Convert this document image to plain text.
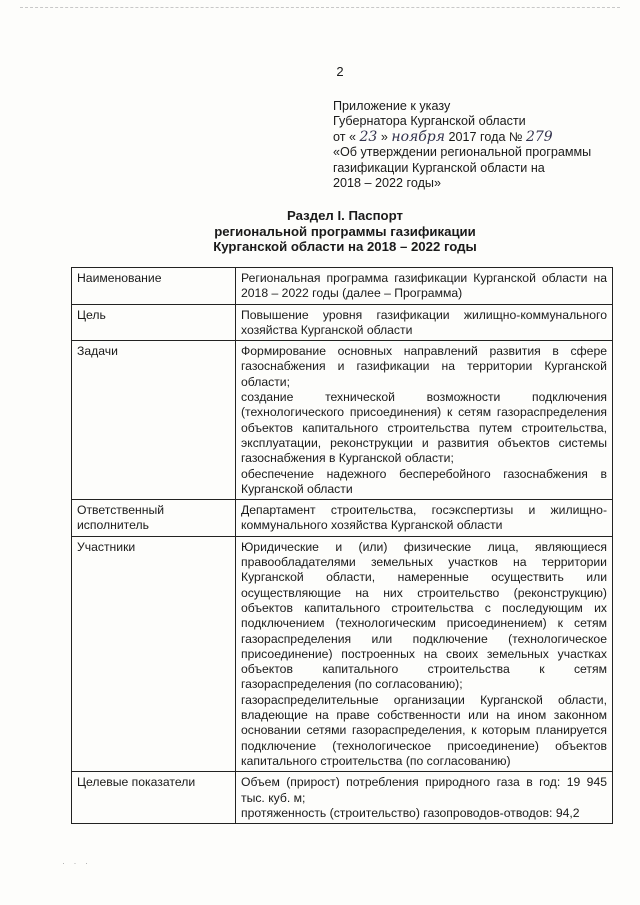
2
Приложение к указу
Губернатора Курганской области
от « 23 » ноября 2017 года № 279
«Об утверждении региональной программы
газификации Курганской области на
2018 – 2022 годы»
Раздел I. Паспорт
региональной программы газификации
Курганской области на 2018 – 2022 годы
Наименование	Региональная программа газификации Курганской области на 2018 – 2022 годы (далее – Программа)

Цель	Повышение уровня газификации жилищно-коммунального хозяйства Курганской области

Задачи	Формирование основных направлений развития в сфере газоснабжения и газификации на территории Курганской области;
создание технической возможности подключения (технологического присоединения) к сетям газораспределения объектов капитального строительства путем строительства, эксплуатации, реконструкции и развития объектов системы газоснабжения в Курганской области;
обеспечение надежного бесперебойного газоснабжения в Курганской области

Ответственный исполнитель	Департамент строительства, госэкспертизы и жилищно-коммунального хозяйства Курганской области

Участники	Юридические и (или) физические лица, являющиеся правообладателями земельных участков на территории Курганской области, намеренные осуществить или осуществляющие на них строительство (реконструкцию) объектов капитального строительства с последующим их подключением (технологическим присоединением) к сетям газораспределения или подключение (технологическое присоединение) построенных на своих земельных участках объектов капитального строительства к сетям газораспределения (по согласованию);
газораспределительные организации Курганской области, владеющие на праве собственности или на ином законном основании сетями газораспределения, к которым планируется подключение (технологическое присоединение) объектов капитального строительства (по согласованию)

Целевые показатели	Объем (прирост) потребления природного газа в год: 19 945 тыс. куб. м;
протяженность (строительство) газопроводов-отводов: 94,2
· · ·
